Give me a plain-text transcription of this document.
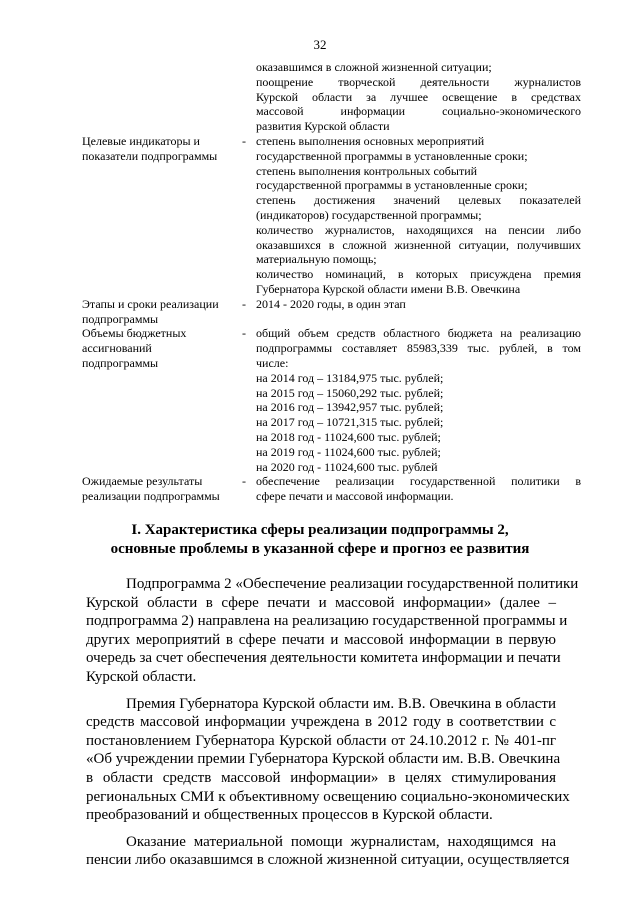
32
оказавшимся в сложной жизненной ситуации;
поощрение творческой деятельности журналистов
Курской области за лучшее освещение в средствах
массовой информации социально-экономического
развития Курской области
Целевые индикаторы и
показатели подпрограммы
- степень выполнения основных мероприятий
государственной программы в установленные сроки;
степень выполнения контрольных событий
государственной программы в установленные сроки;
степень достижения значений целевых показателей
(индикаторов) государственной программы;
количество журналистов, находящихся на пенсии либо
оказавшихся в сложной жизненной ситуации, получивших
материальную помощь;
количество номинаций, в которых присуждена премия
Губернатора Курской области имени В.В. Овечкина
Этапы и сроки реализации
подпрограммы
- 2014 - 2020 годы, в один этап
Объемы бюджетных
ассигнований
подпрограммы
- общий объем средств областного бюджета на реализацию
подпрограммы составляет 85983,339 тыс. рублей, в том
числе:
на 2014 год – 13184,975 тыс. рублей;
на 2015 год – 15060,292 тыс. рублей;
на 2016 год – 13942,957 тыс. рублей;
на 2017 год – 10721,315 тыс. рублей;
на 2018 год - 11024,600 тыс. рублей;
на 2019 год - 11024,600 тыс. рублей;
на 2020 год - 11024,600 тыс. рублей
Ожидаемые результаты
реализации подпрограммы
- обеспечение реализации государственной политики в
сфере печати и массовой информации.
I. Характеристика сферы реализации подпрограммы 2,
основные проблемы в указанной сфере и прогноз ее развития
Подпрограмма 2 «Обеспечение реализации государственной политики
Курской области в сфере печати и массовой информации» (далее –
подпрограмма 2) направлена на реализацию государственной программы и
других мероприятий в сфере печати и массовой информации в первую
очередь за счет обеспечения деятельности комитета информации и печати
Курской области.
Премия Губернатора Курской области им. В.В. Овечкина в области
средств массовой информации учреждена в 2012 году в соответствии с
постановлением Губернатора Курской области от 24.10.2012 г. № 401-пг
«Об учреждении премии Губернатора Курской области им. В.В. Овечкина
в области средств массовой информации» в целях стимулирования
региональных СМИ к объективному освещению социально-экономических
преобразований и общественных процессов в Курской области.
Оказание материальной помощи журналистам, находящимся на
пенсии либо оказавшимся в сложной жизненной ситуации, осуществляется
